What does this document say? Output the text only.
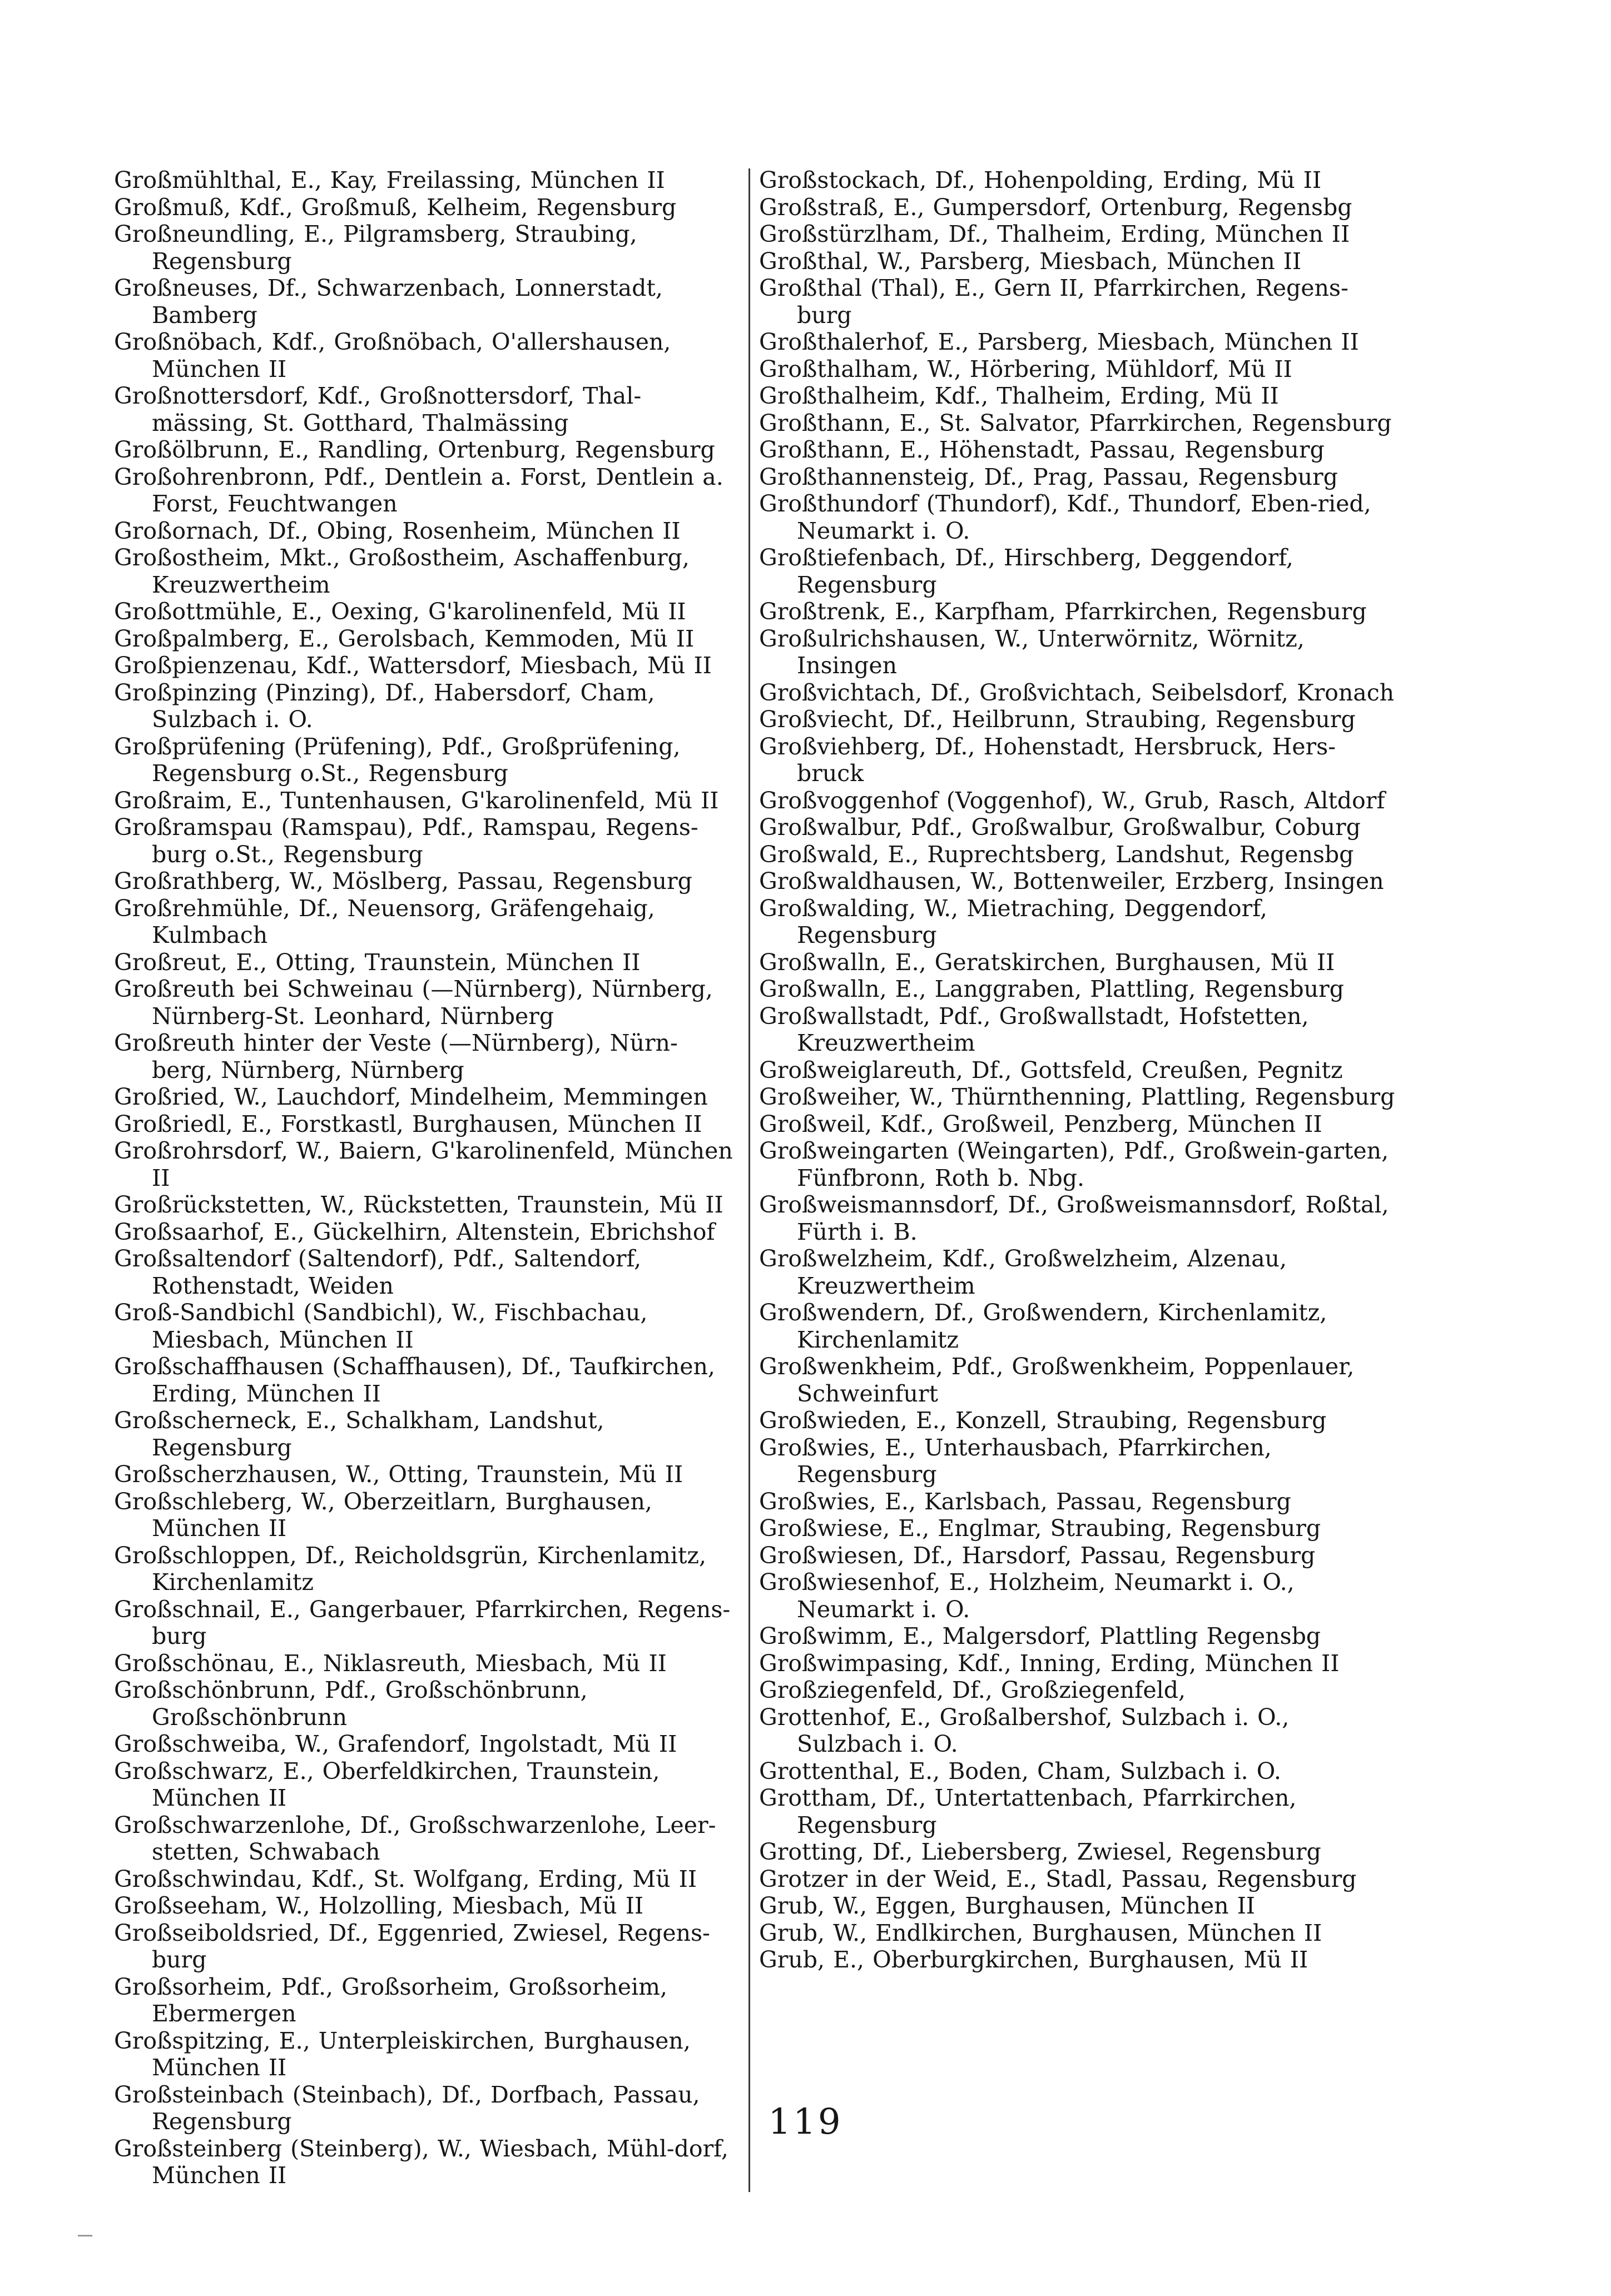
Großmühlthal, E., Kay, Freilassing, München II
Großmuß, Kdf., Großmuß, Kelheim, Regensburg
Großneundling, E., Pilgramsberg, Straubing, Regensburg
Großneuses, Df., Schwarzenbach, Lonnerstadt, Bamberg
Großnöbach, Kdf., Großnöbach, O'allershausen, München II
Großnottersdorf, Kdf., Großnottersdorf, Thal-mässing, St. Gotthard, Thalmässing
Großölbrunn, E., Randling, Ortenburg, Regensburg
Großohrenbronn, Pdf., Dentlein a. Forst, Dentlein a. Forst, Feuchtwangen
Großornach, Df., Obing, Rosenheim, München II
Großostheim, Mkt., Großostheim, Aschaffenburg, Kreuzwertheim
Großottmühle, E., Oexing, G'karolinenfeld, Mü II
Großpalmberg, E., Gerolsbach, Kemmoden, Mü II
Großpienzenau, Kdf., Wattersdorf, Miesbach, Mü II
Großpinzing (Pinzing), Df., Habersdorf, Cham, Sulzbach i. O.
Großprüfening (Prüfening), Pdf., Großprüfening, Regensburg o.St., Regensburg
Großraim, E., Tuntenhausen, G'karolinenfeld, Mü II
Großramspau (Ramspau), Pdf., Ramspau, Regens-burg o.St., Regensburg
Großrathberg, W., Möslberg, Passau, Regensburg
Großrehmühle, Df., Neuensorg, Gräfengehaig, Kulmbach
Großreut, E., Otting, Traunstein, München II
Großreuth bei Schweinau (—Nürnberg), Nürnberg, Nürnberg-St. Leonhard, Nürnberg
Großreuth hinter der Veste (—Nürnberg), Nürn-berg, Nürnberg, Nürnberg
Großried, W., Lauchdorf, Mindelheim, Memmingen
Großriedl, E., Forstkastl, Burghausen, München II
Großrohrsdorf, W., Baiern, G'karolinenfeld, München II
Großrückstetten, W., Rückstetten, Traunstein, Mü II
Großsaarhof, E., Gückelhirn, Altenstein, Ebrichshof
Großsaltendorf (Saltendorf), Pdf., Saltendorf, Rothenstadt, Weiden
Groß-Sandbichl (Sandbichl), W., Fischbachau, Miesbach, München II
Großschaffhausen (Schaffhausen), Df., Taufkirchen, Erding, München II
Großscherneck, E., Schalkham, Landshut, Regensburg
Großscherzhausen, W., Otting, Traunstein, Mü II
Großschleberg, W., Oberzeitlarn, Burghausen, München II
Großschloppen, Df., Reicholdsgrün, Kirchenlamitz, Kirchenlamitz
Großschnail, E., Gangerbauer, Pfarrkirchen, Regens-burg
Großschönau, E., Niklasreuth, Miesbach, Mü II
Großschönbrunn, Pdf., Großschönbrunn, Großschönbrunn
Großschweiba, W., Grafendorf, Ingolstadt, Mü II
Großschwarz, E., Oberfeldkirchen, Traunstein, München II
Großschwarzenlohe, Df., Großschwarzenlohe, Leer-stetten, Schwabach
Großschwindau, Kdf., St. Wolfgang, Erding, Mü II
Großseeham, W., Holzolling, Miesbach, Mü II
Großseiboldsried, Df., Eggenried, Zwiesel, Regens-burg
Großsorheim, Pdf., Großsorheim, Großsorheim, Ebermergen
Großspitzing, E., Unterpleiskirchen, Burghausen, München II
Großsteinbach (Steinbach), Df., Dorfbach, Passau, Regensburg
Großsteinberg (Steinberg), W., Wiesbach, Mühl-dorf, München II
Großstockach, Df., Hohenpolding, Erding, Mü II
Großstraß, E., Gumpersdorf, Ortenburg, Regensbg
Großstürzlham, Df., Thalheim, Erding, München II
Großthal, W., Parsberg, Miesbach, München II
Großthal (Thal), E., Gern II, Pfarrkirchen, Regens-burg
Großthalerhof, E., Parsberg, Miesbach, München II
Großthalham, W., Hörbering, Mühldorf, Mü II
Großthalheim, Kdf., Thalheim, Erding, Mü II
Großthann, E., St. Salvator, Pfarrkirchen, Regensburg
Großthann, E., Höhenstadt, Passau, Regensburg
Großthannensteig, Df., Prag, Passau, Regensburg
Großthundorf (Thundorf), Kdf., Thundorf, Eben-ried, Neumarkt i. O.
Großtiefenbach, Df., Hirschberg, Deggendorf, Regensburg
Großtrenk, E., Karpfham, Pfarrkirchen, Regensburg
Großulrichshausen, W., Unterwörnitz, Wörnitz, Insingen
Großvichtach, Df., Großvichtach, Seibelsdorf, Kronach
Großviecht, Df., Heilbrunn, Straubing, Regensburg
Großviehberg, Df., Hohenstadt, Hersbruck, Hers-bruck
Großvoggenhof (Voggenhof), W., Grub, Rasch, Altdorf
Großwalbur, Pdf., Großwalbur, Großwalbur, Coburg
Großwald, E., Ruprechtsberg, Landshut, Regensbg
Großwaldhausen, W., Bottenweiler, Erzberg, Insingen
Großwalding, W., Mietraching, Deggendorf, Regensburg
Großwalln, E., Geratskirchen, Burghausen, Mü II
Großwalln, E., Langgraben, Plattling, Regensburg
Großwallstadt, Pdf., Großwallstadt, Hofstetten, Kreuzwertheim
Großweiglareuth, Df., Gottsfeld, Creußen, Pegnitz
Großweiher, W., Thürnthenning, Plattling, Regensburg
Großweil, Kdf., Großweil, Penzberg, München II
Großweingarten (Weingarten), Pdf., Großwein-garten, Fünfbronn, Roth b. Nbg.
Großweismannsdorf, Df., Großweismannsdorf, Roßtal, Fürth i. B.
Großwelzheim, Kdf., Großwelzheim, Alzenau, Kreuzwertheim
Großwendern, Df., Großwendern, Kirchenlamitz, Kirchenlamitz
Großwenkheim, Pdf., Großwenkheim, Poppenlauer, Schweinfurt
Großwieden, E., Konzell, Straubing, Regensburg
Großwies, E., Unterhausbach, Pfarrkirchen, Regensburg
Großwies, E., Karlsbach, Passau, Regensburg
Großwiese, E., Englmar, Straubing, Regensburg
Großwiesen, Df., Harsdorf, Passau, Regensburg
Großwiesenhof, E., Holzheim, Neumarkt i. O., Neumarkt i. O.
Großwimm, E., Malgersdorf, Plattling Regensbg
Großwimpasing, Kdf., Inning, Erding, München II
Großziegenfeld, Df., Großziegenfeld,
Grottenhof, E., Großalbershof, Sulzbach i. O., Sulzbach i. O.
Grottenthal, E., Boden, Cham, Sulzbach i. O.
Grottham, Df., Untertattenbach, Pfarrkirchen, Regensburg
Grotting, Df., Liebersberg, Zwiesel, Regensburg
Grotzer in der Weid, E., Stadl, Passau, Regensburg
Grub, W., Eggen, Burghausen, München II
Grub, W., Endlkirchen, Burghausen, München II
Grub, E., Oberburgkirchen, Burghausen, Mü II
119
